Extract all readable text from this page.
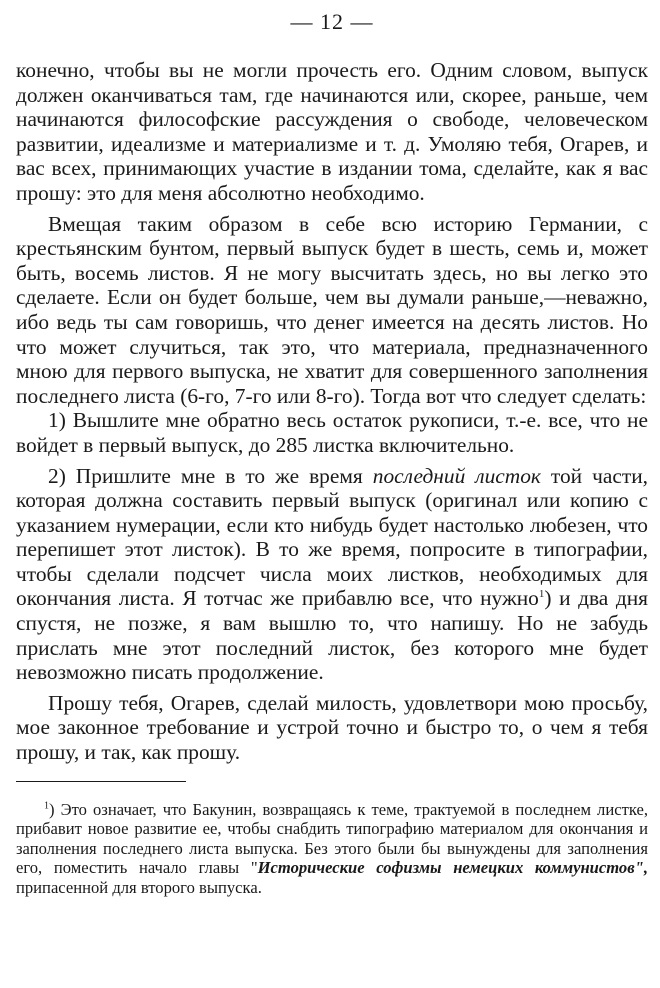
— 12 —

конечно, чтобы вы не могли прочесть его. Одним словом, выпуск должен оканчиваться там, где начинаются или, скорее, раньше, чем начинаются философские рассуждения о свободе, человеческом развитии, идеализме и материализме и т. д. Умоляю тебя, Огарев, и вас всех, принимающих участие в издании тома, сделайте, как я вас прошу: это для меня абсолютно необходимо.

Вмещая таким образом в себе всю историю Германии, с крестьянским бунтом, первый выпуск будет в шесть, семь и, может быть, восемь листов. Я не могу высчитать здесь, но вы легко это сделаете. Если он будет больше, чем вы думали раньше,—неважно, ибо ведь ты сам говоришь, что денег имеется на десять листов. Но что может случиться, так это, что материала, предназначенного мною для первого выпуска, не хватит для совершенного заполнения последнего листа (6-го, 7-го или 8-го). Тогда вот что следует сделать:

1) Вышлите мне обратно весь остаток рукописи, т.-е. все, что не войдет в первый выпуск, до 285 листка включительно.

2) Пришлите мне в то же время последний листок той части, которая должна составить первый выпуск (оригинал или копию с указанием нумерации, если кто нибудь будет настолько любезен, что перепишет этот листок). В то же время, попросите в типографии, чтобы сделали подсчет числа моих листков, необходимых для окончания листа. Я тотчас же прибавлю все, что нужно$^1$) и два дня спустя, не позже, я вам вышлю то, что напишу. Но не забудь прислать мне этот последний листок, без которого мне будет невозможно писать продолжение.

Прошу тебя, Огарев, сделай милость, удовлетвори мою просьбу, мое законное требование и устрой точно и быстро то, о чем я тебя прошу, и так, как прошу.

$^1$) Это означает, что Бакунин, возвращаясь к теме, трактуемой в последнем листке, прибавит новое развитие ее, чтобы снабдить типографию материалом для окончания и заполнения последнего листа выпуска. Без этого были бы вынуждены для заполнения его, поместить начало главы "Исторические софизмы немецких коммунистов", припасенной для второго выпуска.
